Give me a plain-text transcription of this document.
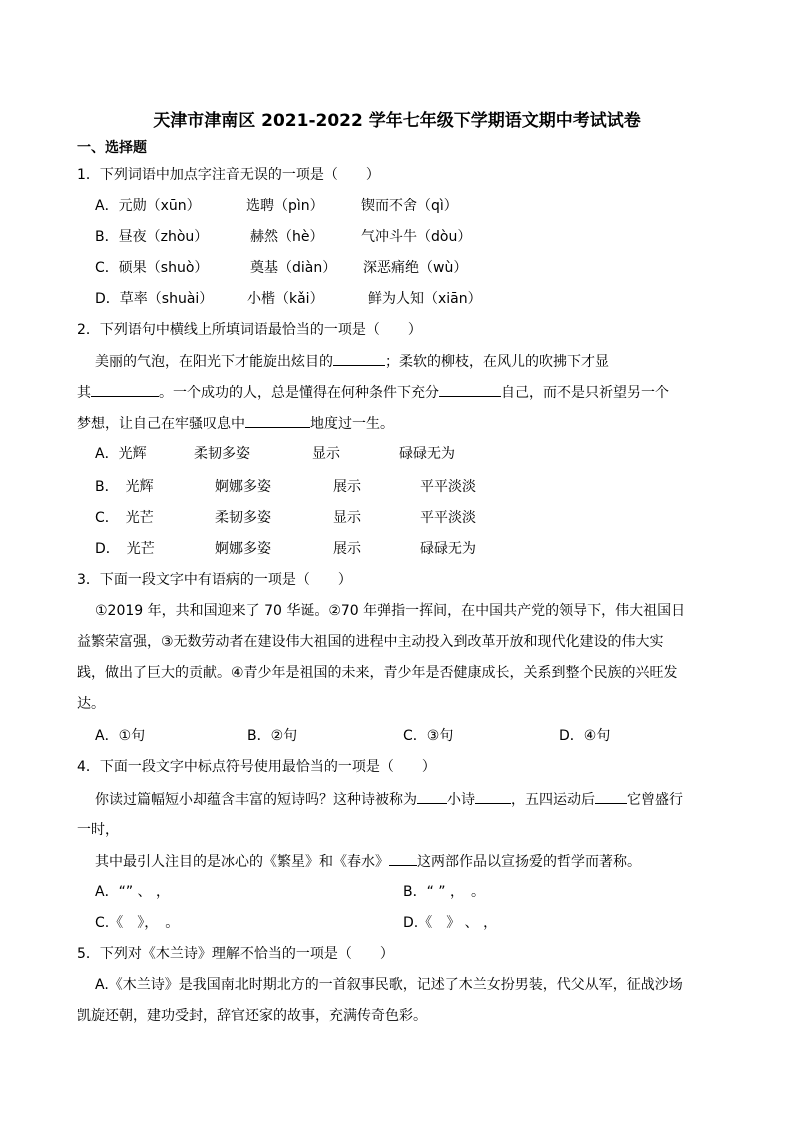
天津市津南区 2021-2022 学年七年级下学期语文期中考试试卷
一、选择题
1．下列词语中加点字注音无误的一项是（　　）
A．元勋（xūn）	选聘（pìn）	锲而不舍（qì）
B．昼夜（zhòu）	赫然（hè）	气冲斗牛（dòu）
C．硕果（shuò）	奠基（diàn） 深恶痛绝（wù）
D．草率（shuài） 小楷（kǎi）	鲜为人知（xiān）
2．下列语句中横线上所填词语最恰当的一项是（　　）
美丽的气泡，在阳光下才能旋出炫目的	；柔软的柳枝，在风儿的吹拂下才显
其	。一个成功的人，总是懂得在何种条件下充分	自己，而不是只祈望另一个
梦想，让自己在牢骚叹息中	地度过一生。
A．光辉	柔韧多姿	显示	碌碌无为
B．　光辉	婀娜多姿	展示	平平淡淡
C．　光芒	柔韧多姿	显示	平平淡淡
D．　光芒	婀娜多姿	展示	碌碌无为
3．下面一段文字中有语病的一项是（　　）
①2019 年，共和国迎来了 70 华诞。②70 年弹指一挥间，在中国共产党的领导下，伟大祖国日
益繁荣富强，③无数劳动者在建设伟大祖国的进程中主动投入到改革开放和现代化建设的伟大实
践，做出了巨大的贡献。④青少年是祖国的未来，青少年是否健康成长，关系到整个民族的兴旺发
达。
A．①句	B．②句	C．③句	D．④句
4．下面一段文字中标点符号使用最恰当的一项是（　　）
你读过篇幅短小却蕴含丰富的短诗吗？这种诗被称为 小诗	，五四运动后 它曾盛行
一时，
其中最引人注目的是冰心的《繁星》和《春水》 这两部作品以宣扬爱的哲学而著称。
A．“” 、 ，	B．“ ” ，　。
C.《　》，　。	D.《　》 、 ，
5．下列对《木兰诗》理解不恰当的一项是（　　）
A.《木兰诗》是我国南北时期北方的一首叙事民歌，记述了木兰女扮男装，代父从军，征战沙场
凯旋还朝，建功受封，辞官还家的故事，充满传奇色彩。
